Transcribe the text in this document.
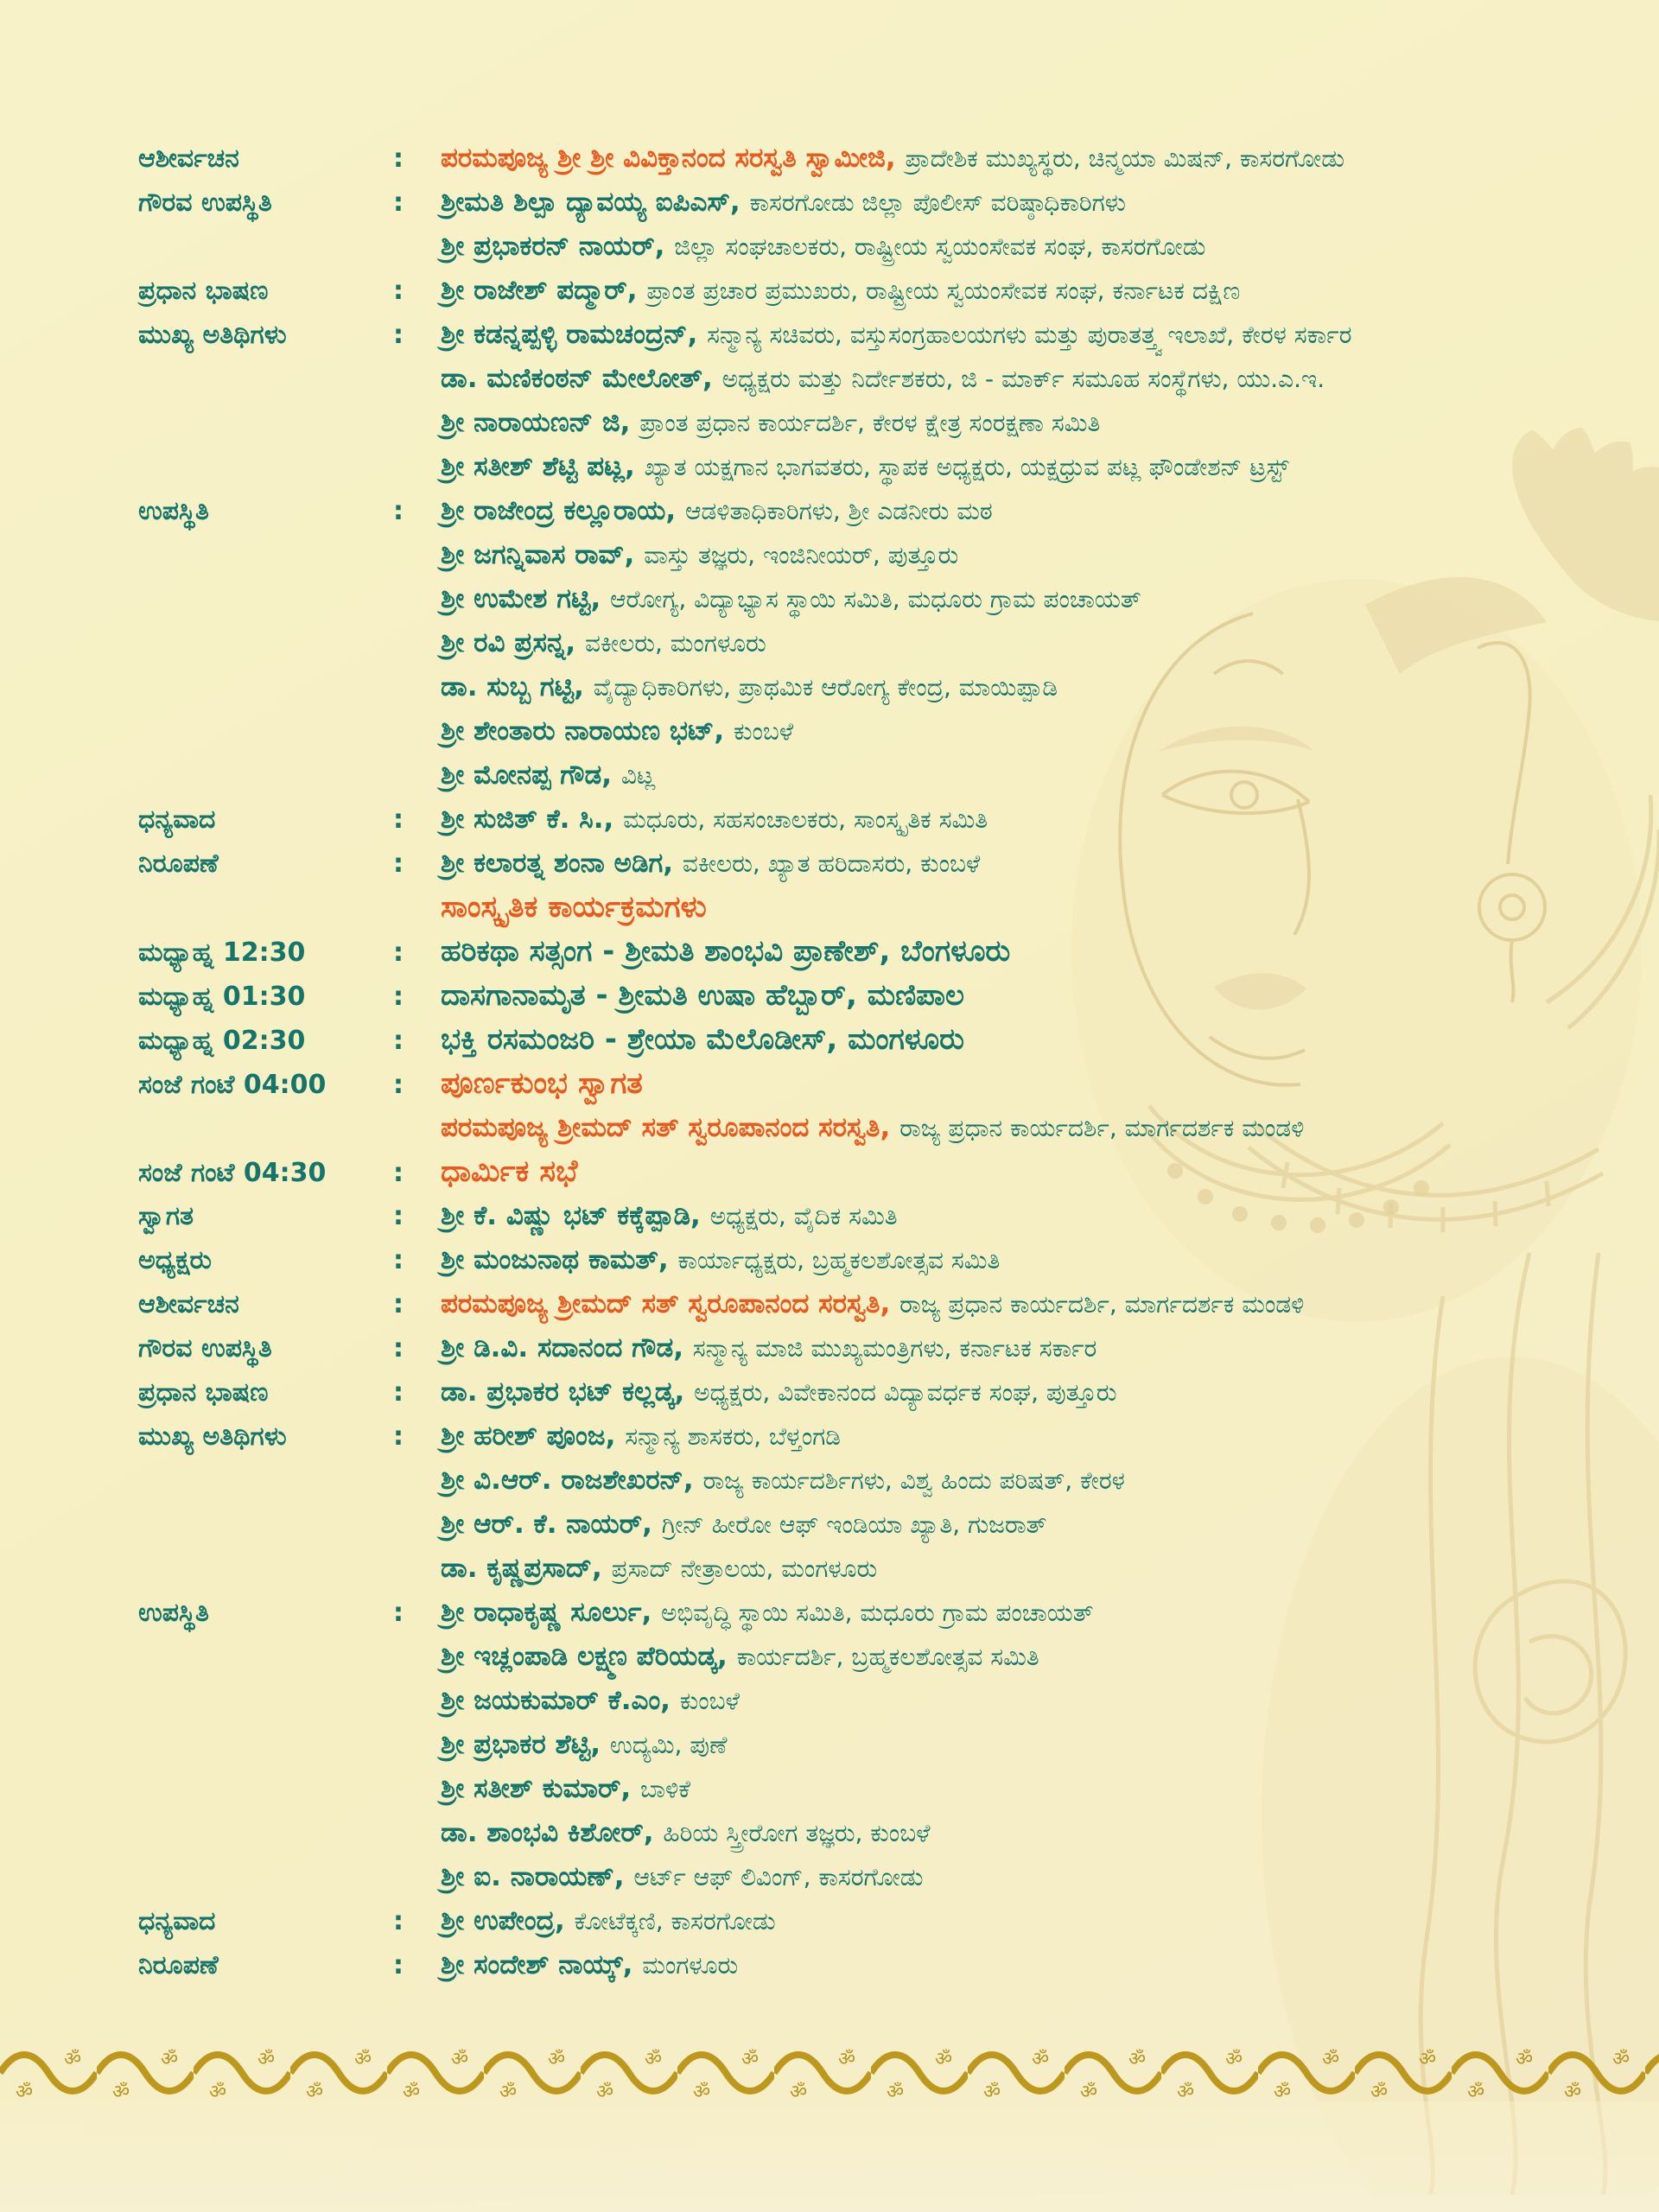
ಆಶೀರ್ವಚನ	: ಪರಮಪೂಜ್ಯ ಶ್ರೀ ಶ್ರೀ ವಿವಿಕ್ತಾನಂದ ಸರಸ್ವತಿ ಸ್ವಾಮೀಜಿ, ಪ್ರಾದೇಶಿಕ ಮುಖ್ಯಸ್ಥರು, ಚಿನ್ಮಯಾ ಮಿಷನ್, ಕಾಸರಗೋಡು
ಗೌರವ ಉಪಸ್ಥಿತಿ	: ಶ್ರೀಮತಿ ಶಿಲ್ಪಾ ದ್ಯಾವಯ್ಯ ಐಪಿಎಸ್, ಕಾಸರಗೋಡು ಜಿಲ್ಲಾ ಪೊಲೀಸ್ ವರಿಷ್ಠಾಧಿಕಾರಿಗಳು
ಶ್ರೀ ಪ್ರಭಾಕರನ್ ನಾಯರ್, ಜಿಲ್ಲಾ ಸಂಘಚಾಲಕರು, ರಾಷ್ಟ್ರೀಯ ಸ್ವಯಂಸೇವಕ ಸಂಘ, ಕಾಸರಗೋಡು
ಪ್ರಧಾನ ಭಾಷಣ	: ಶ್ರೀ ರಾಜೇಶ್ ಪದ್ಮಾರ್, ಪ್ರಾಂತ ಪ್ರಚಾರ ಪ್ರಮುಖರು, ರಾಷ್ಟ್ರೀಯ ಸ್ವಯಂಸೇವಕ ಸಂಘ, ಕರ್ನಾಟಕ ದಕ್ಷಿಣ
ಮುಖ್ಯ ಅತಿಥಿಗಳು	: ಶ್ರೀ ಕಡನ್ನಪ್ಪಳ್ಳಿ ರಾಮಚಂದ್ರನ್, ಸನ್ಮಾನ್ಯ ಸಚಿವರು, ವಸ್ತುಸಂಗ್ರಹಾಲಯಗಳು ಮತ್ತು ಪುರಾತತ್ತ್ವ ಇಲಾಖೆ, ಕೇರಳ ಸರ್ಕಾರ
ಡಾ. ಮಣಿಕಂಠನ್ ಮೇಲೋತ್, ಅಧ್ಯಕ್ಷರು ಮತ್ತು ನಿರ್ದೇಶಕರು, ಜಿ - ಮಾರ್ಕ್ ಸಮೂಹ ಸಂಸ್ಥೆಗಳು, ಯು.ಎ.ಇ.
ಶ್ರೀ ನಾರಾಯಣನ್ ಜಿ, ಪ್ರಾಂತ ಪ್ರಧಾನ ಕಾರ್ಯದರ್ಶಿ, ಕೇರಳ ಕ್ಷೇತ್ರ ಸಂರಕ್ಷಣಾ ಸಮಿತಿ
ಶ್ರೀ ಸತೀಶ್ ಶೆಟ್ಟಿ ಪಟ್ಲ, ಖ್ಯಾತ ಯಕ್ಷಗಾನ ಭಾಗವತರು, ಸ್ಥಾಪಕ ಅಧ್ಯಕ್ಷರು, ಯಕ್ಷಧ್ರುವ ಪಟ್ಲ ಫೌಂಡೇಶನ್ ಟ್ರಸ್ಟ್
ಉಪಸ್ಥಿತಿ	: ಶ್ರೀ ರಾಜೇಂದ್ರ ಕಲ್ಲೂರಾಯ, ಆಡಳಿತಾಧಿಕಾರಿಗಳು, ಶ್ರೀ ಎಡನೀರು ಮಠ
ಶ್ರೀ ಜಗನ್ನಿವಾಸ ರಾವ್, ವಾಸ್ತು ತಜ್ಞರು, ಇಂಜಿನೀಯರ್, ಪುತ್ತೂರು
ಶ್ರೀ ಉಮೇಶ ಗಟ್ಟಿ, ಆರೋಗ್ಯ, ವಿದ್ಯಾಭ್ಯಾಸ ಸ್ಥಾಯಿ ಸಮಿತಿ, ಮಧೂರು ಗ್ರಾಮ ಪಂಚಾಯತ್
ಶ್ರೀ ರವಿ ಪ್ರಸನ್ನ, ವಕೀಲರು, ಮಂಗಳೂರು
ಡಾ. ಸುಬ್ಬ ಗಟ್ಟಿ, ವೈದ್ಯಾಧಿಕಾರಿಗಳು, ಪ್ರಾಥಮಿಕ ಆರೋಗ್ಯ ಕೇಂದ್ರ, ಮಾಯಿಪ್ಪಾಡಿ
ಶ್ರೀ ಶೇಂತಾರು ನಾರಾಯಣ ಭಟ್, ಕುಂಬಳೆ
ಶ್ರೀ ಮೋನಪ್ಪ ಗೌಡ, ವಿಟ್ಲ
ಧನ್ಯವಾದ	: ಶ್ರೀ ಸುಜಿತ್ ಕೆ. ಸಿ., ಮಧೂರು, ಸಹಸಂಚಾಲಕರು, ಸಾಂಸ್ಕೃತಿಕ ಸಮಿತಿ
ನಿರೂಪಣೆ	: ಶ್ರೀ ಕಲಾರತ್ನ ಶಂನಾ ಅಡಿಗ, ವಕೀಲರು, ಖ್ಯಾತ ಹರಿದಾಸರು, ಕುಂಬಳೆ
ಸಾಂಸ್ಕೃತಿಕ ಕಾರ್ಯಕ್ರಮಗಳು
ಮಧ್ಯಾಹ್ನ 12:30	: ಹರಿಕಥಾ ಸತ್ಸಂಗ - ಶ್ರೀಮತಿ ಶಾಂಭವಿ ಪ್ರಾಣೇಶ್, ಬೆಂಗಳೂರು
ಮಧ್ಯಾಹ್ನ 01:30	: ದಾಸಗಾನಾಮೃತ - ಶ್ರೀಮತಿ ಉಷಾ ಹೆಬ್ಬಾರ್, ಮಣಿಪಾಲ
ಮಧ್ಯಾಹ್ನ 02:30	: ಭಕ್ತಿ ರಸಮಂಜರಿ - ಶ್ರೇಯಾ ಮೆಲೊಡೀಸ್, ಮಂಗಳೂರು
ಸಂಜೆ ಗಂಟೆ 04:00	: ಪೂರ್ಣಕುಂಭ ಸ್ವಾಗತ
ಪರಮಪೂಜ್ಯ ಶ್ರೀಮದ್ ಸತ್ ಸ್ವರೂಪಾನಂದ ಸರಸ್ವತಿ, ರಾಜ್ಯ ಪ್ರಧಾನ ಕಾರ್ಯದರ್ಶಿ, ಮಾರ್ಗದರ್ಶಕ ಮಂಡಳಿ
ಸಂಜೆ ಗಂಟೆ 04:30	: ಧಾರ್ಮಿಕ ಸಭೆ
ಸ್ವಾಗತ	: ಶ್ರೀ ಕೆ. ವಿಷ್ಣು ಭಟ್ ಕಕ್ಕೆಪ್ಪಾಡಿ, ಅಧ್ಯಕ್ಷರು, ವೈದಿಕ ಸಮಿತಿ
ಅಧ್ಯಕ್ಷರು	: ಶ್ರೀ ಮಂಜುನಾಥ ಕಾಮತ್, ಕಾರ್ಯಾಧ್ಯಕ್ಷರು, ಬ್ರಹ್ಮಕಲಶೋತ್ಸವ ಸಮಿತಿ
ಆಶೀರ್ವಚನ	: ಪರಮಪೂಜ್ಯ ಶ್ರೀಮದ್ ಸತ್ ಸ್ವರೂಪಾನಂದ ಸರಸ್ವತಿ, ರಾಜ್ಯ ಪ್ರಧಾನ ಕಾರ್ಯದರ್ಶಿ, ಮಾರ್ಗದರ್ಶಕ ಮಂಡಳಿ
ಗೌರವ ಉಪಸ್ಥಿತಿ	: ಶ್ರೀ ಡಿ.ವಿ. ಸದಾನಂದ ಗೌಡ, ಸನ್ಮಾನ್ಯ ಮಾಜಿ ಮುಖ್ಯಮಂತ್ರಿಗಳು, ಕರ್ನಾಟಕ ಸರ್ಕಾರ
ಪ್ರಧಾನ ಭಾಷಣ	: ಡಾ. ಪ್ರಭಾಕರ ಭಟ್ ಕಲ್ಲಡ್ಕ, ಅಧ್ಯಕ್ಷರು, ವಿವೇಕಾನಂದ ವಿದ್ಯಾವರ್ಧಕ ಸಂಘ, ಪುತ್ತೂರು
ಮುಖ್ಯ ಅತಿಥಿಗಳು	: ಶ್ರೀ ಹರೀಶ್ ಪೂಂಜ, ಸನ್ಮಾನ್ಯ ಶಾಸಕರು, ಬೆಳ್ತಂಗಡಿ
ಶ್ರೀ ವಿ.ಆರ್. ರಾಜಶೇಖರನ್, ರಾಜ್ಯ ಕಾರ್ಯದರ್ಶಿಗಳು, ವಿಶ್ವ ಹಿಂದು ಪರಿಷತ್, ಕೇರಳ
ಶ್ರೀ ಆರ್. ಕೆ. ನಾಯರ್, ಗ್ರೀನ್ ಹೀರೋ ಆಫ್ ಇಂಡಿಯಾ ಖ್ಯಾತಿ, ಗುಜರಾತ್
ಡಾ. ಕೃಷ್ಣಪ್ರಸಾದ್, ಪ್ರಸಾದ್ ನೇತ್ರಾಲಯ, ಮಂಗಳೂರು
ಉಪಸ್ಥಿತಿ	: ಶ್ರೀ ರಾಧಾಕೃಷ್ಣ ಸೂರ್ಲು, ಅಭಿವೃದ್ಧಿ ಸ್ಥಾಯಿ ಸಮಿತಿ, ಮಧೂರು ಗ್ರಾಮ ಪಂಚಾಯತ್
ಶ್ರೀ ಇಚ್ಲಂಪಾಡಿ ಲಕ್ಷ್ಮಣ ಪೆರಿಯಡ್ಕ, ಕಾರ್ಯದರ್ಶಿ, ಬ್ರಹ್ಮಕಲಶೋತ್ಸವ ಸಮಿತಿ
ಶ್ರೀ ಜಯಕುಮಾರ್ ಕೆ.ಎಂ, ಕುಂಬಳೆ
ಶ್ರೀ ಪ್ರಭಾಕರ ಶೆಟ್ಟಿ, ಉದ್ಯಮಿ, ಪುಣೆ
ಶ್ರೀ ಸತೀಶ್ ಕುಮಾರ್, ಬಾಳಿಕೆ
ಡಾ. ಶಾಂಭವಿ ಕಿಶೋರ್, ಹಿರಿಯ ಸ್ತ್ರೀರೋಗ ತಜ್ಞರು, ಕುಂಬಳೆ
ಶ್ರೀ ಐ. ನಾರಾಯಣ್, ಆರ್ಟ್ ಆಫ್ ಲಿವಿಂಗ್, ಕಾಸರಗೋಡು
ಧನ್ಯವಾದ	: ಶ್ರೀ ಉಪೇಂದ್ರ, ಕೋಟೆಕ್ಕಣಿ, ಕಾಸರಗೋಡು
ನಿರೂಪಣೆ	: ಶ್ರೀ ಸಂದೇಶ್ ನಾಯ್ಕ್, ಮಂಗಳೂರು
